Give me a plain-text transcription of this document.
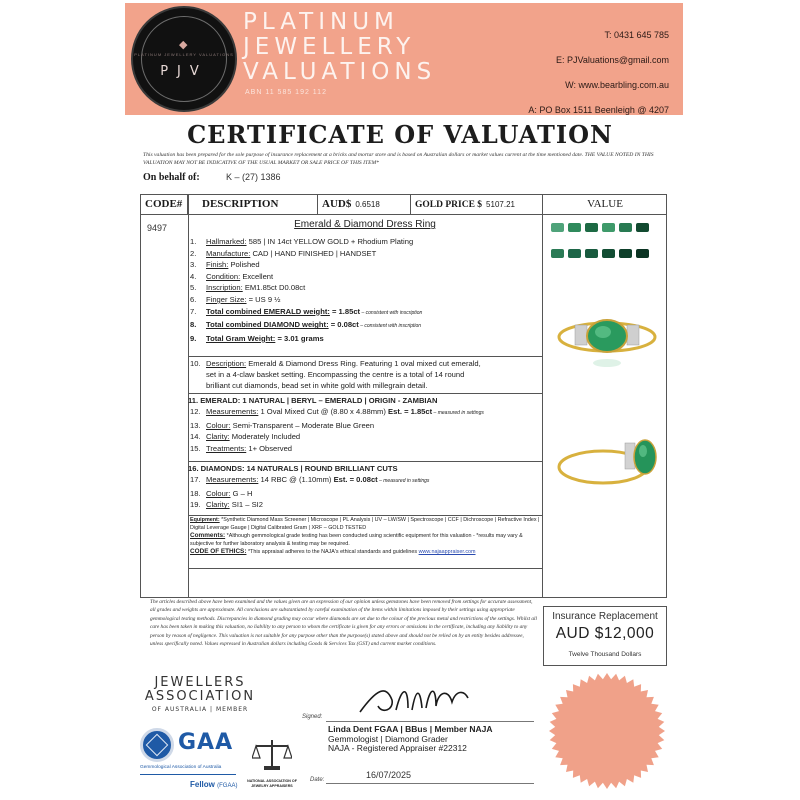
PLATINUM JEWELLERY VALUATIONS
◆
PJV
PLATINUM
JEWELLERY
VALUATIONS
ABN 11 585 192 112
T: 0431 645 785
E: PJValuations@gmail.com
W: www.bearbling.com.au
A: PO Box 1511 Beenleigh @ 4207
CERTIFICATE OF VALUATION
This valuation has been prepared for the sole purpose of insurance replacement at a bricks and mortar store and is based on Australian dollars or market values current at the time mentioned date. THE VALUE NOTED IN THIS VALUATION MAY NOT BE INDICATIVE OF THE USUAL MARKET OR SALE PRICE OF THIS ITEM*
On behalf of:	K – (27) 1386
CODE#	DESCRIPTION	AUD$ 0.6518	GOLD PRICE $ 5107.21	VALUE
9497	Emerald & Diamond Dress Ring
1. Hallmarked: 585 | IN 14ct YELLOW GOLD + Rhodium Plating
2. Manufacture: CAD | HAND FINISHED | HANDSET
3. Finish: Polished
4. Condition: Excellent
5. Inscription: EM1.85ct D0.08ct
6. Finger Size: = US 9 ½
7. Total combined EMERALD weight: = 1.85ct – consistent with inscription
8. Total combined DIAMOND weight: = 0.08ct – consistent with inscription
9. Total Gram Weight: = 3.01 grams
10. Description: Emerald & Diamond Dress Ring. Featuring 1 oval mixed cut emerald,
set in a 4-claw basket setting. Encompassing the centre is a total of 14 round
brilliant cut diamonds, bead set in white gold with millegrain detail.
11. EMERALD: 1 NATURAL | BERYL – EMERALD | ORIGIN - ZAMBIAN
12. Measurements: 1 Oval Mixed Cut @ (8.80 x 4.88mm) Est. = 1.85ct – measured in settings
13. Colour: Semi-Transparent – Moderate Blue Green
14. Clarity: Moderately Included
15. Treatments: 1+ Observed
16. DIAMONDS: 14 NATURALS | ROUND BRILLIANT CUTS
17. Measurements: 14 RBC @ (1.10mm) Est. = 0.08ct – measured in settings
18. Colour: G – H
19. Clarity: SI1 – SI2
Equipment: *Synthetic Diamond Mass Screener | Microscope | PL Analysis | UV – LW/SW | Spectroscope | CCF | Dichroscope | Refractive Index | Digital Leverage Gauge | Digital Calibrated Gram | XRF – GOLD TESTED
Comments: *Although gemmological grade testing has been conducted using scientific equipment for this valuation - *results may vary & subjective for further laboratory analysis & testing may be required.
CODE OF ETHICS: *This appraisal adheres to the NAJA's ethical standards and guidelines www.najaappraiser.com
The articles described above have been examined and the values given are an expression of our opinion unless gemstones have been removed from settings for accurate assessment, all grades and weights are approximate. All conclusions are substantiated by careful examination of the items within limitations imposed by their settings using appropriate gemmological testing methods. Discrepancies in diamond grading may occur where diamonds are set due to the colour of the precious metal and restrictions of the settings. Whilst all care has been taken in making this valuation, no liability to any person to whom the certificate is given for any errors or omissions in the certificate, including any liability to any person by reason of negligence. This valuation is not suitable for any purpose other than the purpose(s) stated above and should not be relied on by an entity besides addressee, unless specifically noted. Values expressed in Australian dollars including Goods & Services Tax (GST) and current market conditions.
Insurance Replacement
AUD $12,000
Twelve Thousand Dollars
JEWELLERS
ASSOCIATION
OF AUSTRALIA | MEMBER
GAA
Gemmological Association of Australia
Fellow (FGAA)
NATIONAL ASSOCIATION OF JEWELRY APPRAISERS
Signed:
Linda Dent FGAA | BBus | Member NAJA
Gemmologist | Diamond Grader
NAJA - Registered Appraiser #22312
Date:	16/07/2025
